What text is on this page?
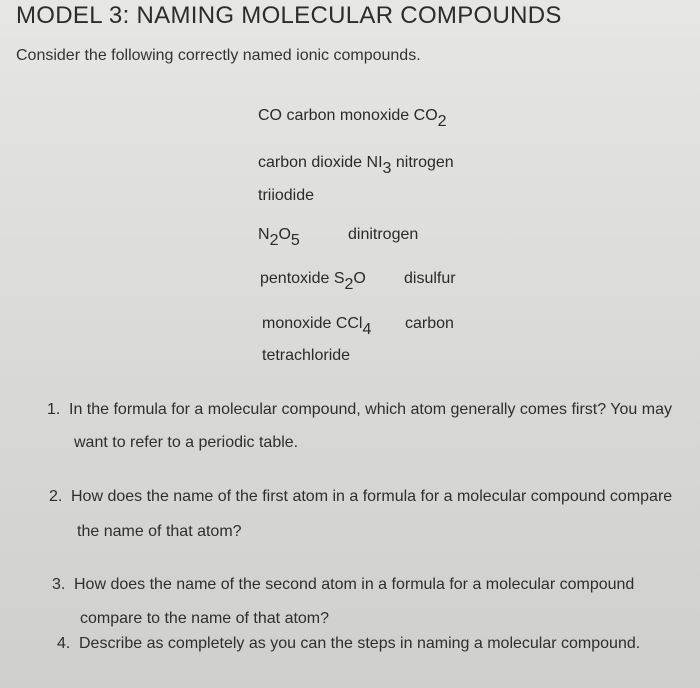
MODEL 3: NAMING MOLECULAR COMPOUNDS
Consider the following correctly named ionic compounds.
CO carbon monoxide $CO_2$
carbon dioxide $NI_3$ nitrogen
triiodide
$N_2O_5$	dinitrogen
pentoxide $S_2O$ disulfur
monoxide CCl$_4$ carbon
tetrachloride
1. In the formula for a molecular compound, which atom generally comes first? You may
want to refer to a periodic table.
2. How does the name of the first atom in a formula for a molecular compound compare
the name of that atom?
3. How does the name of the second atom in a formula for a molecular compound
compare to the name of that atom?
4. Describe as completely as you can the steps in naming a molecular compound.
